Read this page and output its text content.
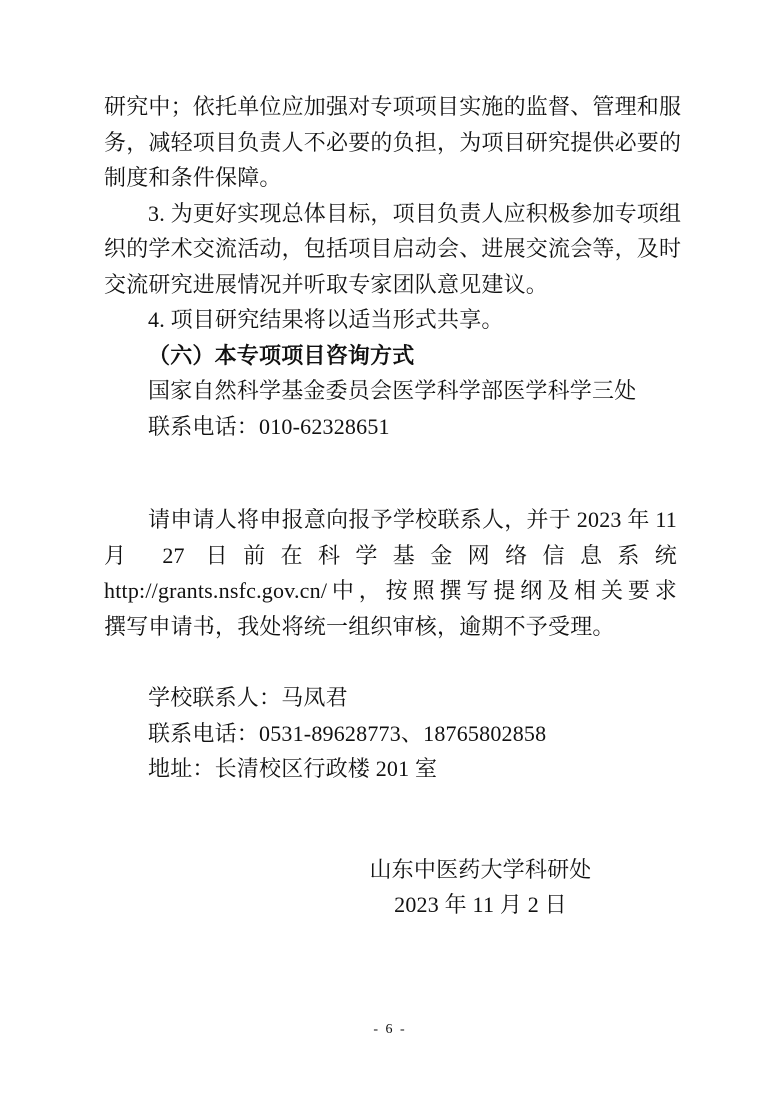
研究中；依托单位应加强对专项项目实施的监督、管理和服
务，减轻项目负责人不必要的负担，为项目研究提供必要的
制度和条件保障。
3. 为更好实现总体目标，项目负责人应积极参加专项组
织的学术交流活动，包括项目启动会、进展交流会等，及时
交流研究进展情况并听取专家团队意见建议。
4. 项目研究结果将以适当形式共享。
（六）本专项项目咨询方式
国家自然科学基金委员会医学科学部医学科学三处
联系电话：010-62328651
请申请人将申报意向报予学校联系人，并于 2023 年 11
月 27 日前在科学基金网络信息系统
http://grants.nsfc.gov.cn/中，按照撰写提纲及相关要求
撰写申请书，我处将统一组织审核，逾期不予受理。
学校联系人：马凤君
联系电话：0531-89628773、18765802858
地址：长清校区行政楼 201 室
山东中医药大学科研处
2023 年 11 月 2 日
- 6 -
